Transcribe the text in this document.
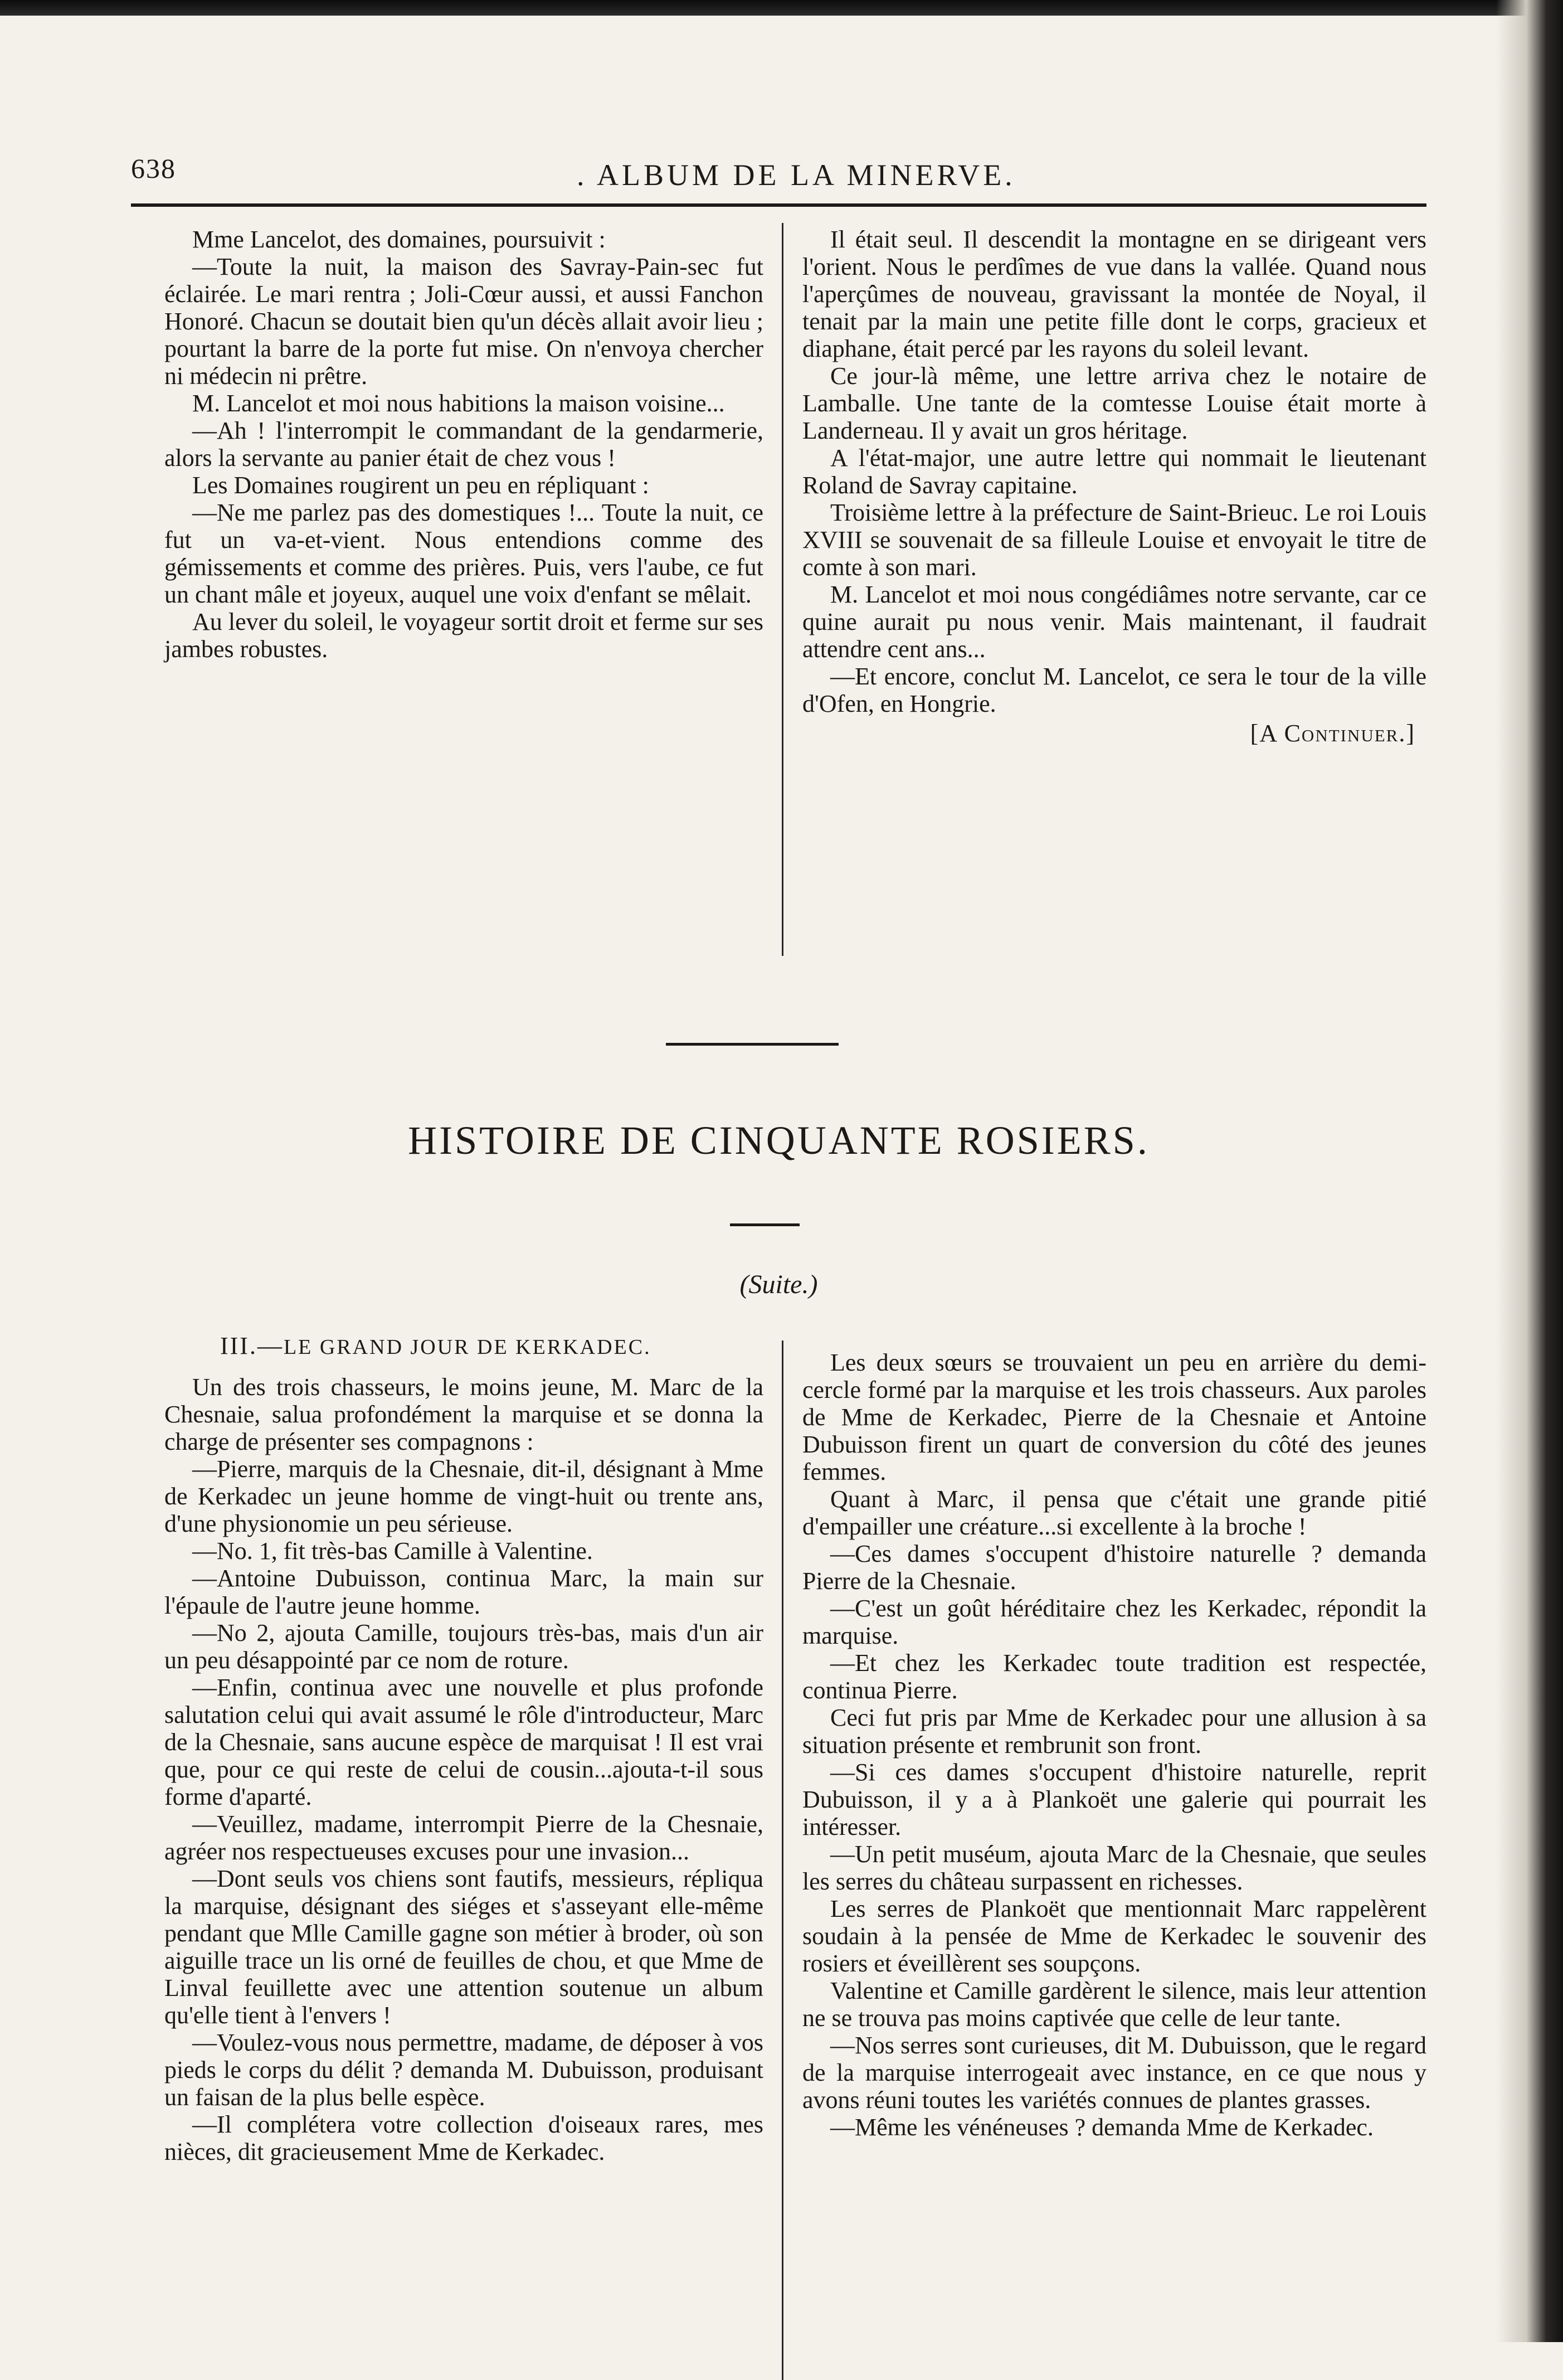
638	. ALBUM DE LA MINERVE.

Mme Lancelot, des domaines, poursuivit :

—Toute la nuit, la maison des Savray-Pain-sec fut éclairée. Le mari rentra ; Joli-Cœur aussi, et aussi Fanchon Honoré. Chacun se doutait bien qu'un décès allait avoir lieu ; pourtant la barre de la porte fut mise. On n'envoya chercher ni médecin ni prêtre.

M. Lancelot et moi nous habitions la maison voisine...

—Ah ! l'interrompit le commandant de la gendarmerie, alors la servante au panier était de chez vous !

Les Domaines rougirent un peu en répliquant :

—Ne me parlez pas des domestiques !... Toute la nuit, ce fut un va-et-vient. Nous entendions comme des gémissements et comme des prières. Puis, vers l'aube, ce fut un chant mâle et joyeux, auquel une voix d'enfant se mêlait.

Au lever du soleil, le voyageur sortit droit et ferme sur ses jambes robustes.

Il était seul. Il descendit la montagne en se dirigeant vers l'orient. Nous le perdîmes de vue dans la vallée. Quand nous l'aperçûmes de nouveau, gravissant la montée de Noyal, il tenait par la main une petite fille dont le corps, gracieux et diaphane, était percé par les rayons du soleil levant.

Ce jour-là même, une lettre arriva chez le notaire de Lamballe. Une tante de la comtesse Louise était morte à Landerneau. Il y avait un gros héritage.

A l'état-major, une autre lettre qui nommait le lieutenant Roland de Savray capitaine.

Troisième lettre à la préfecture de Saint-Brieuc. Le roi Louis XVIII se souvenait de sa filleule Louise et envoyait le titre de comte à son mari.

M. Lancelot et moi nous congédiâmes notre servante, car ce quine aurait pu nous venir. Mais maintenant, il faudrait attendre cent ans...

—Et encore, conclut M. Lancelot, ce sera le tour de la ville d'Ofen, en Hongrie.

[A Continuer.]
HISTOIRE DE CINQUANTE ROSIERS.
(Suite.)
III.—LE GRAND JOUR DE KERKADEC.

Un des trois chasseurs, le moins jeune, M. Marc de la Chesnaie, salua profondément la marquise et se donna la charge de présenter ses compagnons :

—Pierre, marquis de la Chesnaie, dit-il, désignant à Mme de Kerkadec un jeune homme de vingt-huit ou trente ans, d'une physionomie un peu sérieuse.

—No. 1, fit très-bas Camille à Valentine.

—Antoine Dubuisson, continua Marc, la main sur l'épaule de l'autre jeune homme.

—No 2, ajouta Camille, toujours très-bas, mais d'un air un peu désappointé par ce nom de roture.

—Enfin, continua avec une nouvelle et plus profonde salutation celui qui avait assumé le rôle d'introducteur, Marc de la Chesnaie, sans aucune espèce de marquisat ! Il est vrai que, pour ce qui reste de celui de cousin...ajouta-t-il sous forme d'aparté.

—Veuillez, madame, interrompit Pierre de la Chesnaie, agréer nos respectueuses excuses pour une invasion...

—Dont seuls vos chiens sont fautifs, messieurs, répliqua la marquise, désignant des siéges et s'asseyant elle-même pendant que Mlle Camille gagne son métier à broder, où son aiguille trace un lis orné de feuilles de chou, et que Mme de Linval feuillette avec une attention soutenue un album qu'elle tient à l'envers !

—Voulez-vous nous permettre, madame, de déposer à vos pieds le corps du délit ? demanda M. Dubuisson, produisant un faisan de la plus belle espèce.

—Il complétera votre collection d'oiseaux rares, mes nièces, dit gracieusement Mme de Kerkadec.

Les deux sœurs se trouvaient un peu en arrière du demi-cercle formé par la marquise et les trois chasseurs. Aux paroles de Mme de Kerkadec, Pierre de la Chesnaie et Antoine Dubuisson firent un quart de conversion du côté des jeunes femmes.

Quant à Marc, il pensa que c'était une grande pitié d'empailler une créature...si excellente à la broche !

—Ces dames s'occupent d'histoire naturelle ? demanda Pierre de la Chesnaie.

—C'est un goût héréditaire chez les Kerkadec, répondit la marquise.

—Et chez les Kerkadec toute tradition est respectée, continua Pierre.

Ceci fut pris par Mme de Kerkadec pour une allusion à sa situation présente et rembrunit son front.

—Si ces dames s'occupent d'histoire naturelle, reprit Dubuisson, il y a à Plankoët une galerie qui pourrait les intéresser.

—Un petit muséum, ajouta Marc de la Chesnaie, que seules les serres du château surpassent en richesses.

Les serres de Plankoët que mentionnait Marc rappelèrent soudain à la pensée de Mme de Kerkadec le souvenir des rosiers et éveillèrent ses soupçons.

Valentine et Camille gardèrent le silence, mais leur attention ne se trouva pas moins captivée que celle de leur tante.

—Nos serres sont curieuses, dit M. Dubuisson, que le regard de la marquise interrogeait avec instance, en ce que nous y avons réuni toutes les variétés connues de plantes grasses.

—Même les vénéneuses ? demanda Mme de Kerkadec.
